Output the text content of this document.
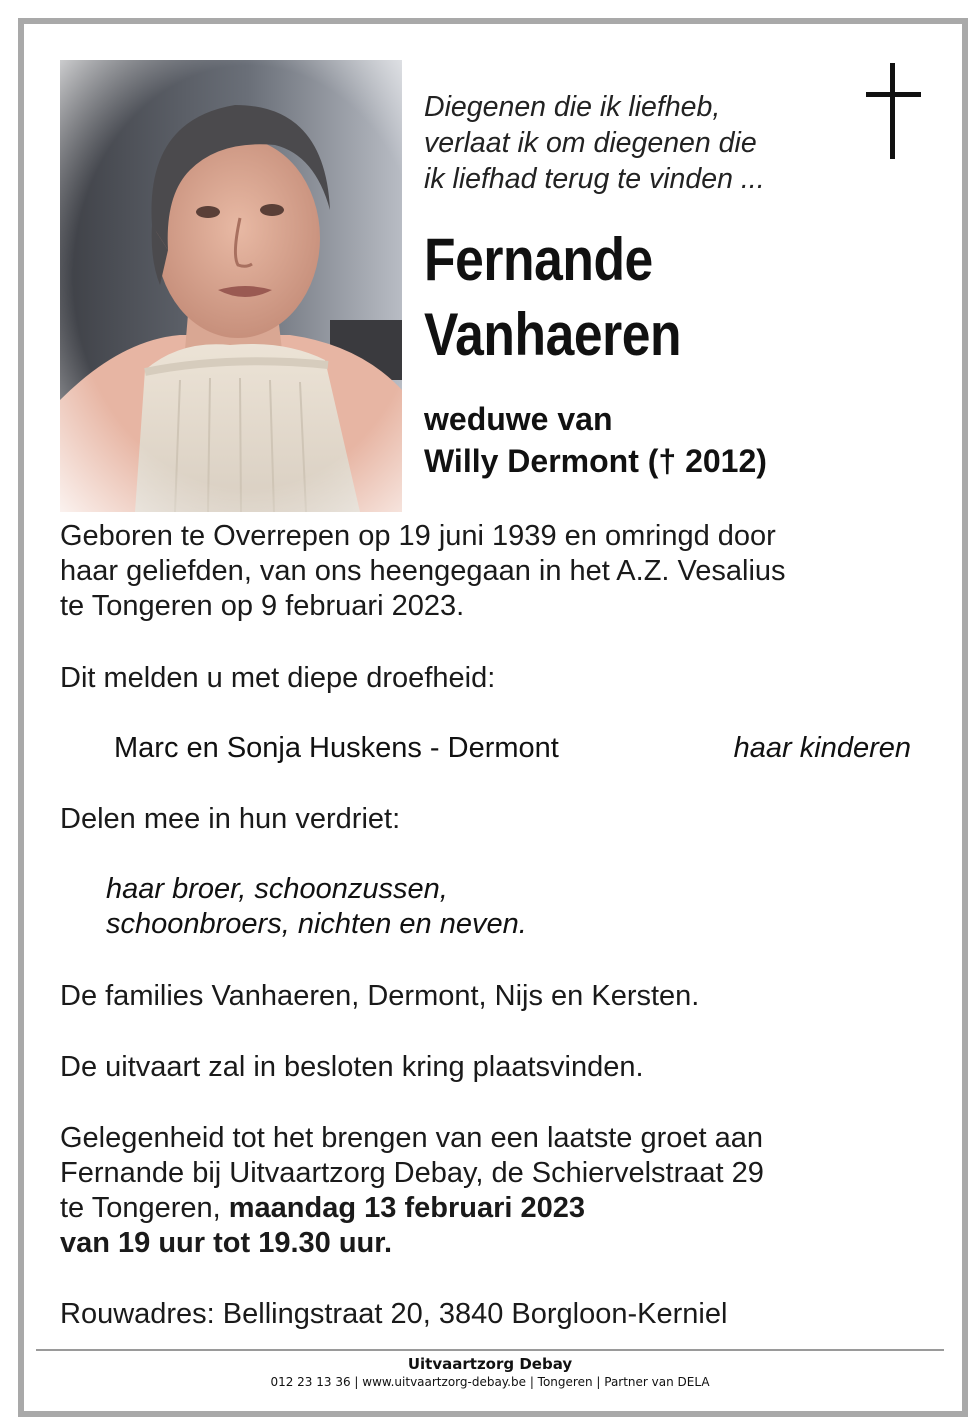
Diegenen die ik liefheb,
verlaat ik om diegenen die
ik liefhad terug te vinden ...
Fernande
Vanhaeren
weduwe van
Willy Dermont († 2012)
Geboren te Overrepen op 19 juni 1939 en omringd door
haar geliefden, van ons heengegaan in het A.Z. Vesalius
te Tongeren op 9 februari 2023.
Dit melden u met diepe droefheid:
Marc en Sonja Huskens - Dermont	haar kinderen
Delen mee in hun verdriet:
haar broer, schoonzussen,
schoonbroers, nichten en neven.
De families Vanhaeren, Dermont, Nijs en Kersten.
De uitvaart zal in besloten kring plaatsvinden.
Gelegenheid tot het brengen van een laatste groet aan
Fernande bij Uitvaartzorg Debay, de Schiervelstraat 29
te Tongeren, maandag 13 februari 2023
van 19 uur tot 19.30 uur.
Rouwadres: Bellingstraat 20, 3840 Borgloon-Kerniel
Uitvaartzorg Debay
012 23 13 36 | www.uitvaartzorg-debay.be | Tongeren | Partner van DELA
